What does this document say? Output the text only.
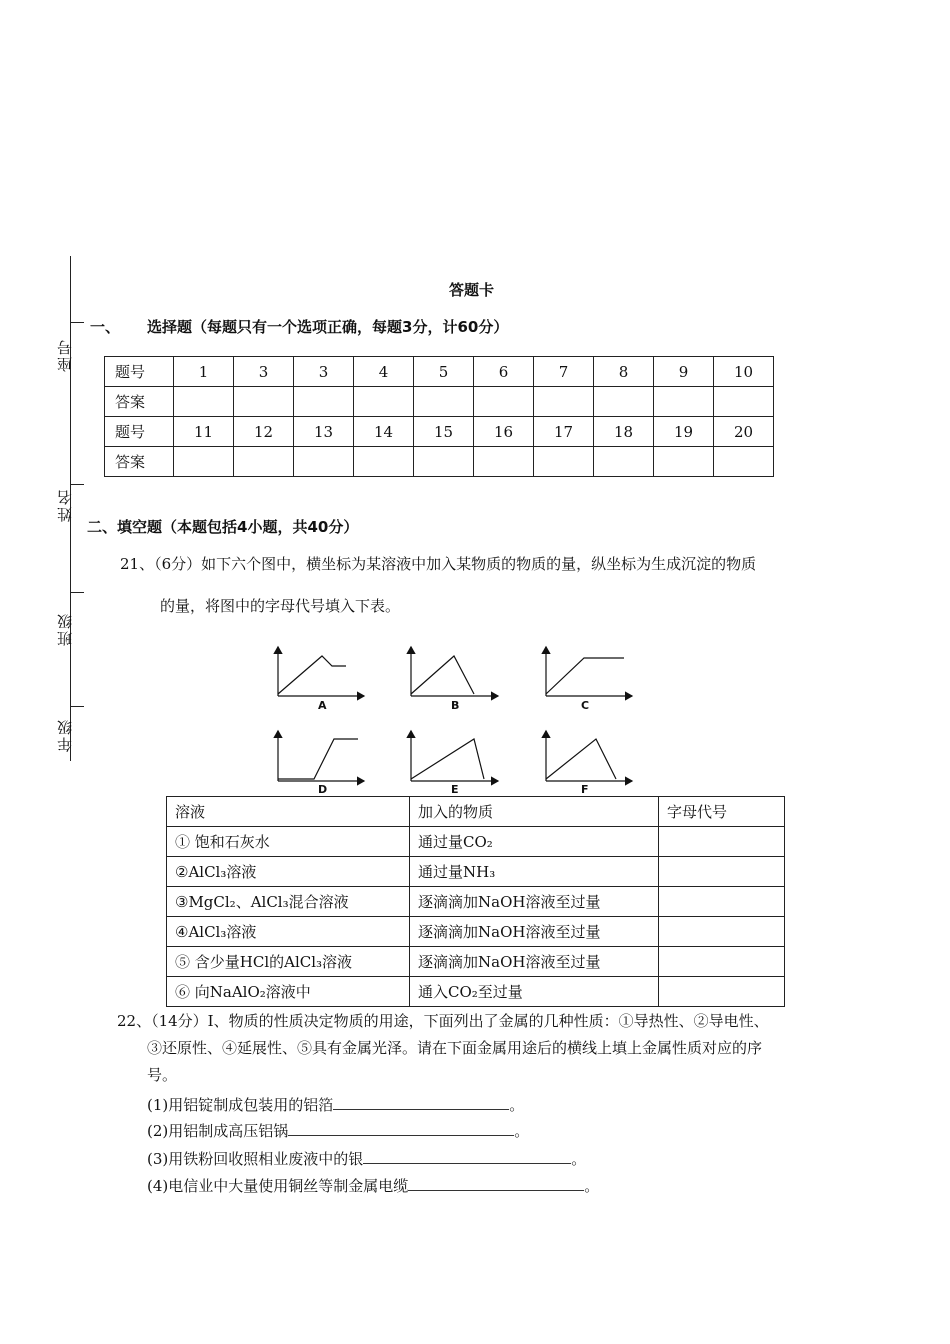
座号
姓名
班级
年级
答题卡
一、 选择题（每题只有一个选项正确，每题3分，计60分）
题号	1	3	3	4	5	6	7	8	9	10
答案										
题号	11	12	13	14	15	16	17	18	19	20
答案										
二、填空题（本题包括4小题，共40分）
21、（6分）如下六个图中，横坐标为某溶液中加入某物质的物质的量，纵坐标为生成沉淀的物质
的量，将图中的字母代号填入下表。
A	B	C
D	E	F
溶液	加入的物质	字母代号
① 饱和石灰水	通过量CO₂	
②AlCl₃溶液	通过量NH₃	
③MgCl₂、AlCl₃混合溶液	逐滴滴加NaOH溶液至过量	
④AlCl₃溶液	逐滴滴加NaOH溶液至过量	
⑤ 含少量HCl的AlCl₃溶液	逐滴滴加NaOH溶液至过量	
⑥ 向NaAlO₂溶液中	通入CO₂至过量	
22、（14分）I、物质的性质决定物质的用途，下面列出了金属的几种性质：①导热性、②导电性、
③还原性、④延展性、⑤具有金属光泽。请在下面金属用途后的横线上填上金属性质对应的序
号。
(1)用铝锭制成包装用的铝箔	。
(2)用铝制成高压铝锅	。
(3)用铁粉回收照相业废液中的银	。
(4)电信业中大量使用铜丝等制金属电缆	。
